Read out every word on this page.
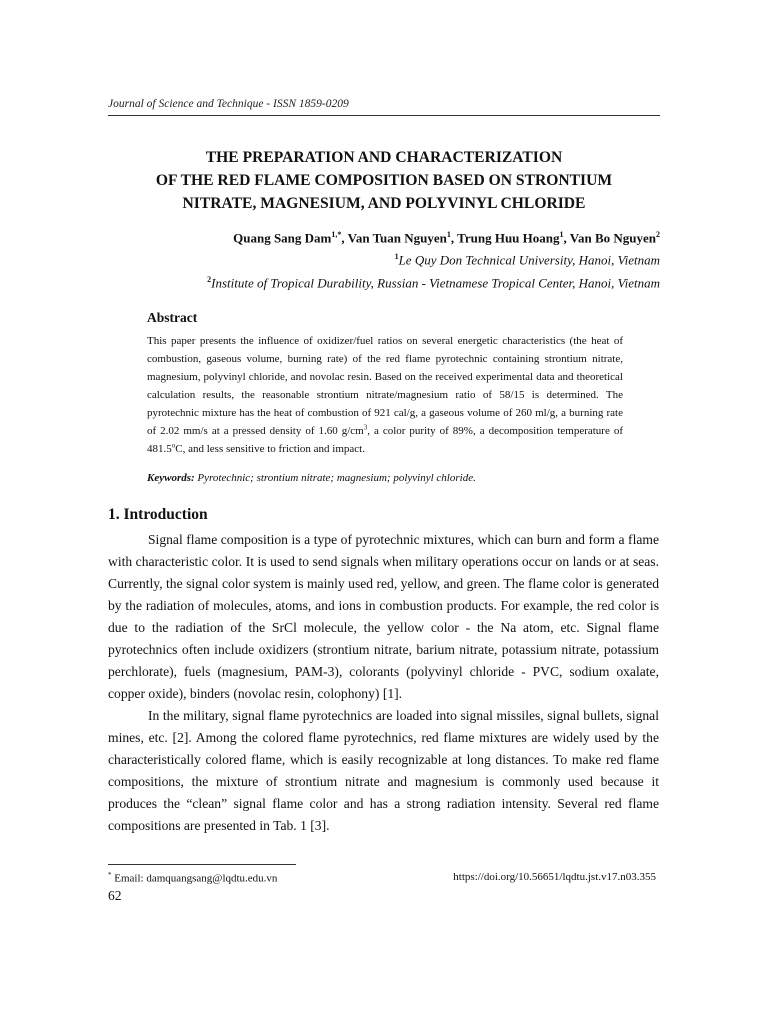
Journal of Science and Technique - ISSN 1859-0209
THE PREPARATION AND CHARACTERIZATION
OF THE RED FLAME COMPOSITION BASED ON STRONTIUM
NITRATE, MAGNESIUM, AND POLYVINYL CHLORIDE
Quang Sang Dam$^{1,*}$, Van Tuan Nguyen$^1$, Trung Huu Hoang$^1$, Van Bo Nguyen$^2$
$^1$Le Quy Don Technical University, Hanoi, Vietnam
$^2$Institute of Tropical Durability, Russian - Vietnamese Tropical Center, Hanoi, Vietnam
Abstract
This paper presents the influence of oxidizer/fuel ratios on several energetic characteristics (the heat of combustion, gaseous volume, burning rate) of the red flame pyrotechnic containing strontium nitrate, magnesium, polyvinyl chloride, and novolac resin. Based on the received experimental data and theoretical calculation results, the reasonable strontium nitrate/magnesium ratio of 58/15 is determined. The pyrotechnic mixture has the heat of combustion of 921 cal/g, a gaseous volume of 260 ml/g, a burning rate of 2.02 mm/s at a pressed density of 1.60 $g/cm^3$, a color purity of 89%, a decomposition temperature of 481.5$^o$C, and less sensitive to friction and impact.
Keywords: Pyrotechnic; strontium nitrate; magnesium; polyvinyl chloride.
1. Introduction

Signal flame composition is a type of pyrotechnic mixtures, which can burn and form a flame with characteristic color. It is used to send signals when military operations occur on lands or at seas. Currently, the signal color system is mainly used red, yellow, and green. The flame color is generated by the radiation of molecules, atoms, and ions in combustion products. For example, the red color is due to the radiation of the SrCl molecule, the yellow color - the Na atom, etc. Signal flame pyrotechnics often include oxidizers (strontium nitrate, barium nitrate, potassium nitrate, potassium perchlorate), fuels (magnesium, PAM-3), colorants (polyvinyl chloride - PVC, sodium oxalate, copper oxide), binders (novolac resin, colophony) [1].

In the military, signal flame pyrotechnics are loaded into signal missiles, signal bullets, signal mines, etc. [2]. Among the colored flame pyrotechnics, red flame mixtures are widely used by the characteristically colored flame, which is easily recognizable at long distances. To make red flame compositions, the mixture of strontium nitrate and magnesium is commonly used because it produces the “clean” signal flame color and has a strong radiation intensity. Several red flame compositions are presented in Tab. 1 [3].

* Email: damquangsang@lqdtu.edu.vn	https://doi.org/10.56651/lqdtu.jst.v17.n03.355
62
